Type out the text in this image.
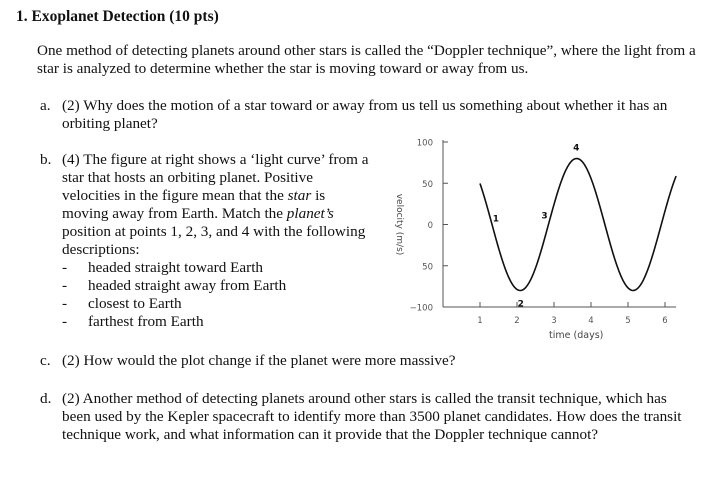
1. Exoplanet Detection (10 pts)
One method of detecting planets around other stars is called the “Doppler technique”, where the light from a star is analyzed to determine whether the star is moving toward or away from us.
a. (2) Why does the motion of a star toward or away from us tell us something about whether it has an orbiting planet?
b. (4) The figure at right shows a ‘light curve’ from a star that hosts an orbiting planet. Positive velocities in the figure mean that the star is moving away from Earth. Match the planet’s position at points 1, 2, 3, and 4 with the following descriptions:
- headed straight toward Earth
- headed straight away from Earth
- closest to Earth
- farthest from Earth
100
50
0
50
−100
1	2	3	4	5	6
time (days)
velocity (m/s)	1
2
3
4
c. (2) How would the plot change if the planet were more massive?
d. (2) Another method of detecting planets around other stars is called the transit technique, which has been used by the Kepler spacecraft to identify more than 3500 planet candidates. How does the transit technique work, and what information can it provide that the Doppler technique cannot?
